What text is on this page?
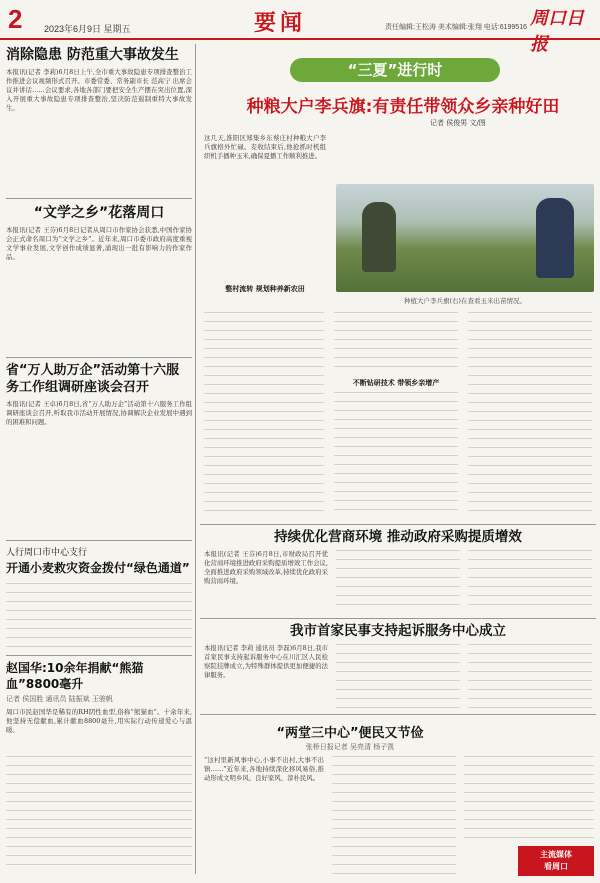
2 2023年6月9日 星期五	要闻	责任编辑:王松涛 美术编辑:张翔 电话:6199516 周口日报
消除隐患 防范重大事故发生
本报讯(记者 李莉)6月8日上午,全市重大事故隐患专项排查整治工作推进会议视频形式召开。市委常委、常务副市长 范高宁 出席会议并讲话……会议要求,各地各部门要把安全生产摆在突出位置,深入开展重大事故隐患专项排查整治,坚决防范遏制重特大事故发生。
“文学之乡”花落周口
本报讯(记者 王芬)6月8日记者从周口市作家协会获悉,中国作家协会正式命名周口为“文学之乡”。近年来,周口市委市政府高度重视文学事业发展,文学创作成绩显著,涌现出一批有影响力的作家作品。
省“万人助万企”活动第十六服务工作组调研座谈会召开
本报讯(记者 王卓)6月8日,省“万人助万企”活动第十六服务工作组调研座谈会召开,听取我市活动开展情况,协调解决企业发展中遇到的困难和问题。
人行周口市中心支行
开通小麦救灾资金拨付“绿色通道”
赵国华:10余年捐献“熊猫血”8800毫升
记者 侯国胜 通讯员 陆振斌 王骏帆
周口市民赵国华是稀有的RH阴性血型,俗称“熊猫血”。十余年来,他坚持无偿献血,累计献血8800毫升,用实际行动传递爱心与温暖。
“三夏”进行时
种粮大户李兵旗:有责任带领众乡亲种好田
记者 侯俊男 文/图
这几天,淮阳区郑集乡东蔡庄村种粮大户李兵旗格外忙碌。麦收结束后,他抢抓时机组织机手播种玉米,确保夏播工作顺利推进。
整村流转 规划种养新农田
种植大户李兵旗(右)在查看玉米出苗情况。
不断钻研技术 带领乡亲增产
持续优化营商环境 推动政府采购提质增效
本报讯(记者 王芬)6月8日,市财政局召开优化营商环境推进政府采购提质增效工作会议,全面推进政府采购领域改革,持续优化政府采购营商环境。
我市首家民事支持起诉服务中心成立
本报讯(记者 李莉 通讯员 李磊)6月8日,我市首家民事支持起诉服务中心在川汇区人民检察院挂牌成立,为特殊群体提供更加便捷的法律服务。
“两堂三中心”便民又节俭
张桥日报记者 吴亮清 杨子凯
“这村里新风事中心,小事不出村,大事不出镇……”近年来,各地持续深化移风易俗,推动形成文明乡风、良好家风、淳朴民风。
主流媒体
看周口
